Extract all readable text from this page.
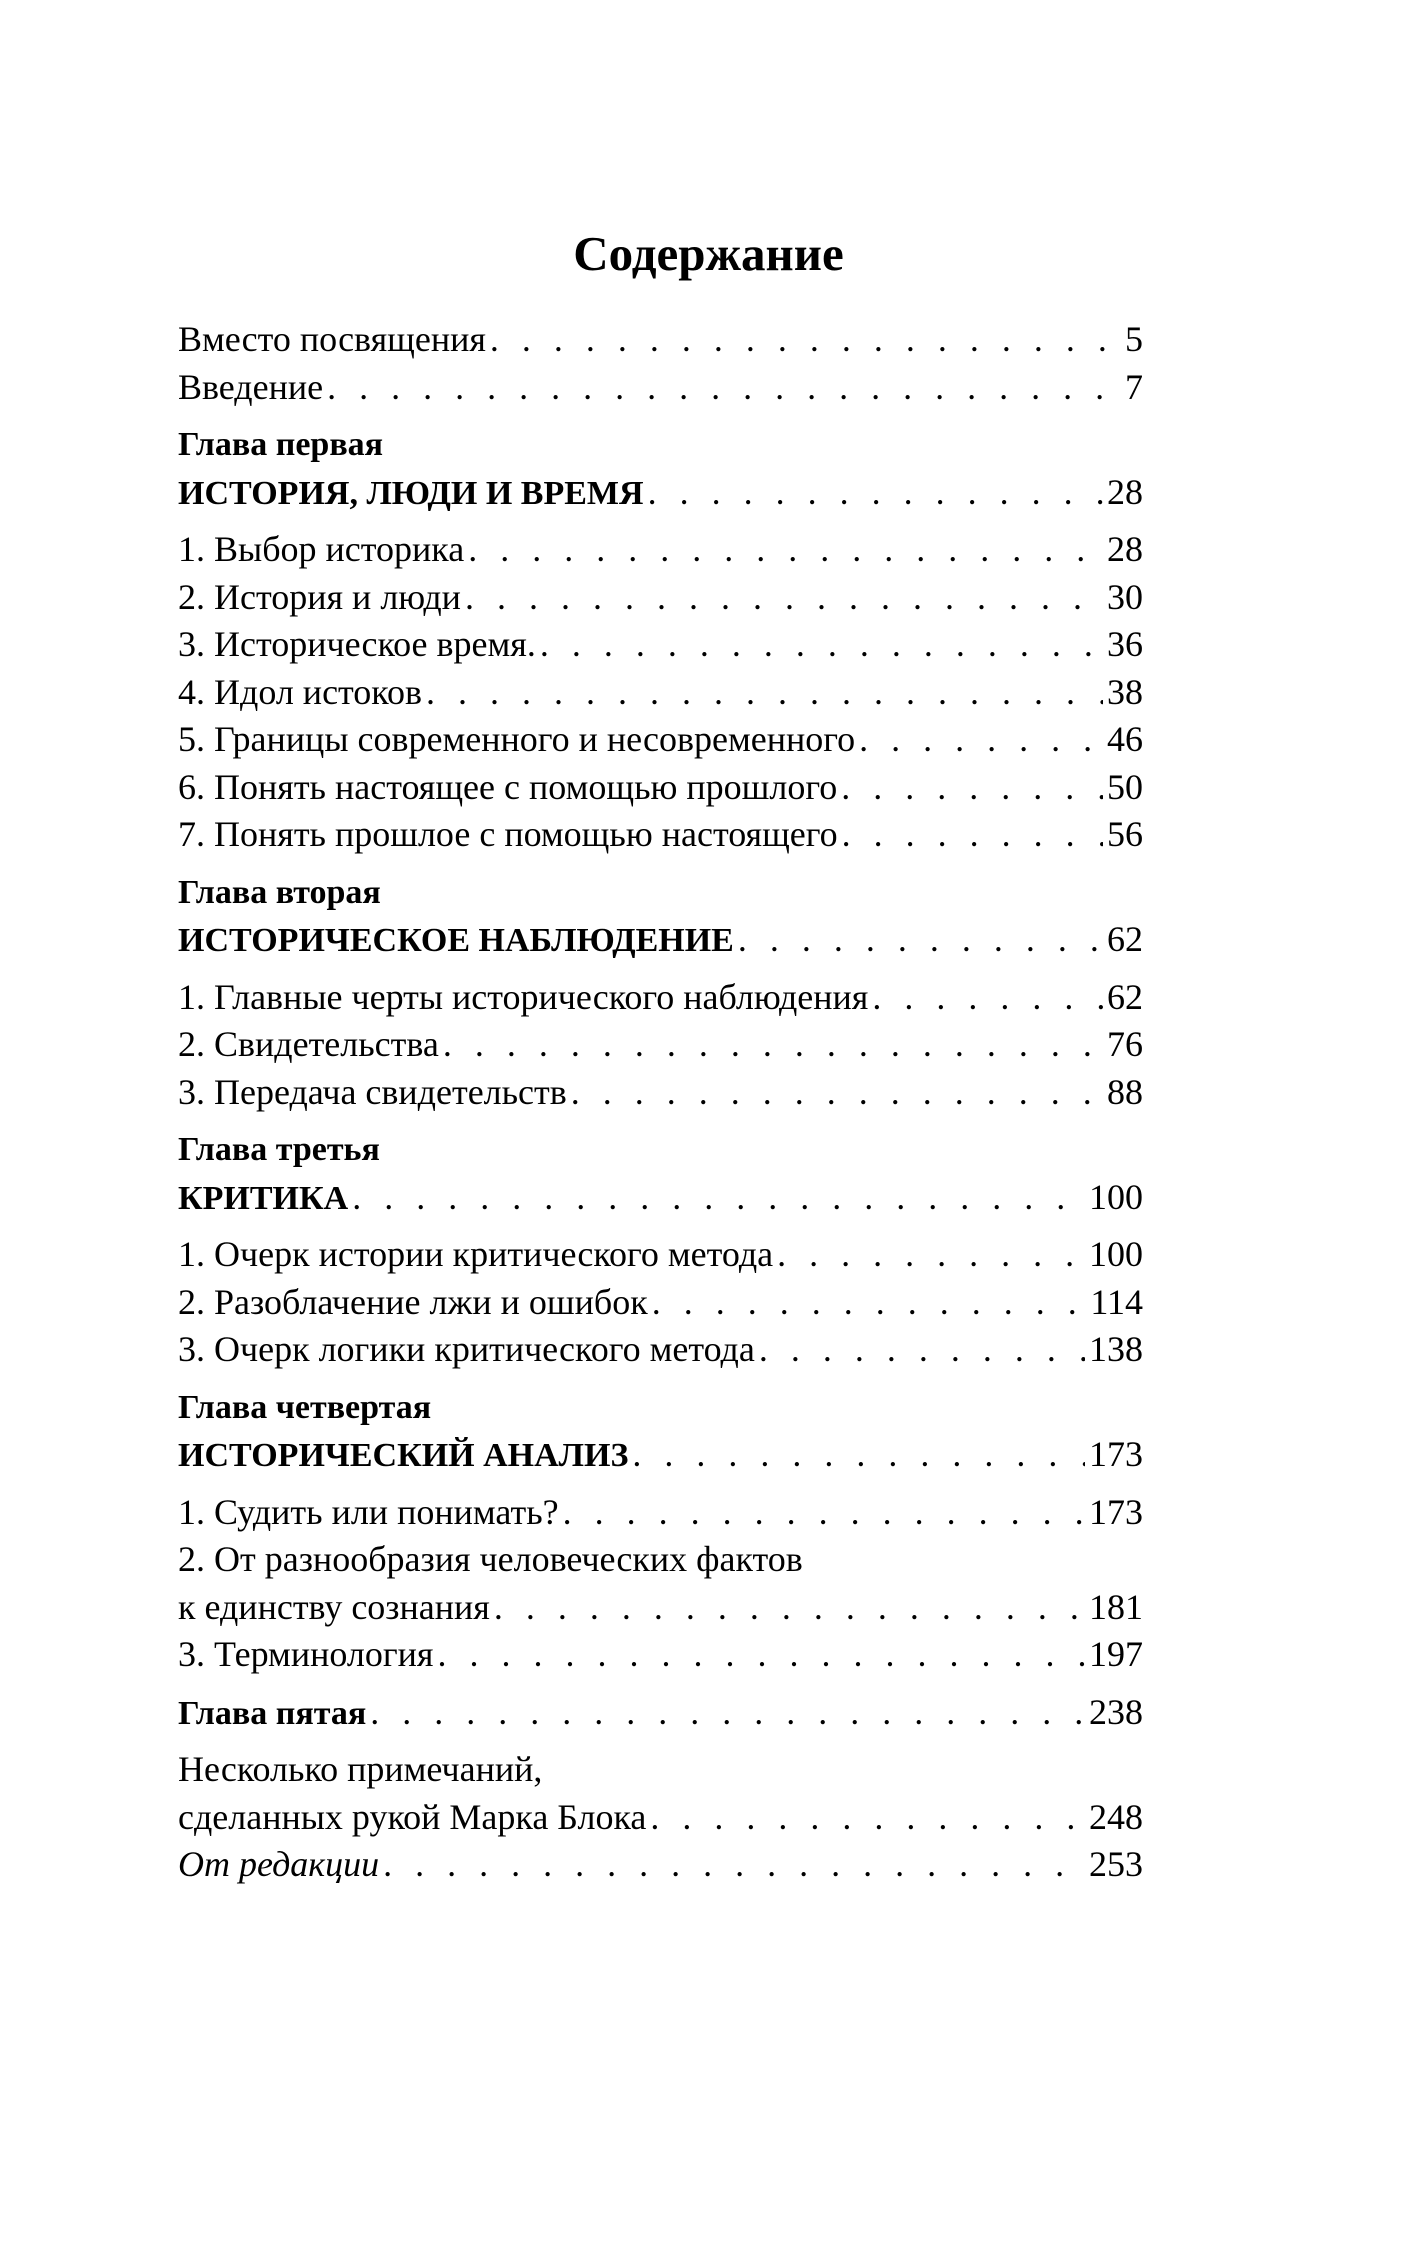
Содержание
Вместо посвящения . . .	5
Введение . . .	7
Глава первая
ИСТОРИЯ, ЛЮДИ И ВРЕМЯ . . .	28
1. Выбор историка . . .	28
2. История и люди . . .	30
3. Историческое время. . . .	36
4. Идол истоков . . .	38
5. Границы современного и несовременного . . .	46
6. Понять настоящее с помощью прошлого . . .	50
7. Понять прошлое с помощью настоящего . . .	56
Глава вторая
ИСТОРИЧЕСКОЕ НАБЛЮДЕНИЕ . . .	62
1. Главные черты исторического наблюдения . . .	62
2. Свидетельства . . .	76
3. Передача свидетельств . . .	88
Глава третья
КРИТИКА . . .	100
1. Очерк истории критического метода . . .	100
2. Разоблачение лжи и ошибок . . .	114
3. Очерк логики критического метода . . .	138
Глава четвертая
ИСТОРИЧЕСКИЙ АНАЛИЗ . . .	173
1. Судить или понимать? . . .	173
2. От разнообразия человеческих фактов
к единству сознания . . .	181
3. Терминология . . .	197
Глава пятая . . .	238
Несколько примечаний,
сделанных рукой Марка Блока . . .	248
От редакции . . .	253
